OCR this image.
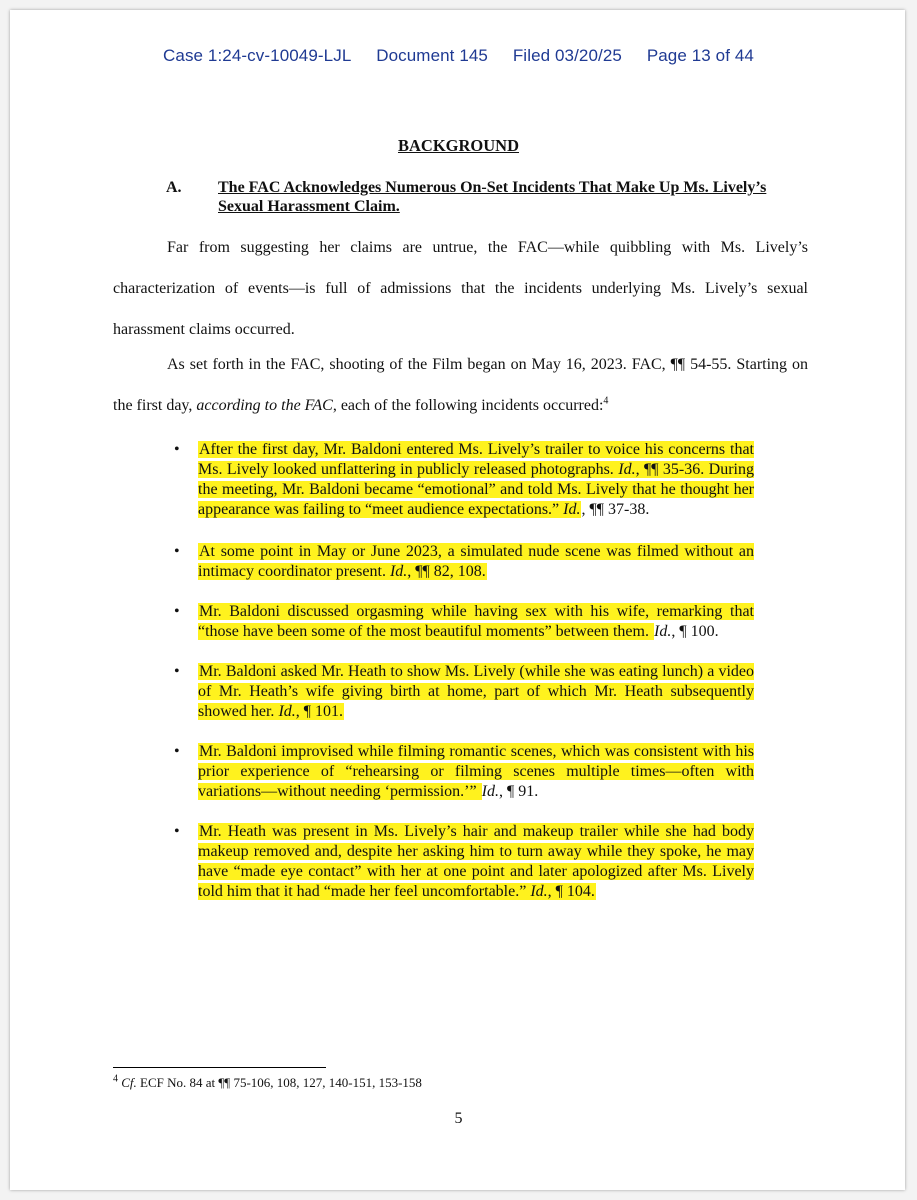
Case 1:24-cv-10049-LJL Document 145 Filed 03/20/25 Page 13 of 44
BACKGROUND
A. The FAC Acknowledges Numerous On-Set Incidents That Make Up Ms. Lively’s Sexual Harassment Claim.
Far from suggesting her claims are untrue, the FAC—while quibbling with Ms. Lively’s characterization of events—is full of admissions that the incidents underlying Ms. Lively’s sexual harassment claims occurred.
As set forth in the FAC, shooting of the Film began on May 16, 2023. FAC, ¶¶ 54-55. Starting on the first day, according to the FAC, each of the following incidents occurred:$^4$
• After the first day, Mr. Baldoni entered Ms. Lively’s trailer to voice his concerns that Ms. Lively looked unflattering in publicly released photographs. Id., ¶¶ 35-36. During the meeting, Mr. Baldoni became “emotional” and told Ms. Lively that he thought her appearance was failing to “meet audience expectations.” Id., ¶¶ 37-38.
• At some point in May or June 2023, a simulated nude scene was filmed without an intimacy coordinator present. Id., ¶¶ 82, 108.
• Mr. Baldoni discussed orgasming while having sex with his wife, remarking that “those have been some of the most beautiful moments” between them. Id., ¶ 100.
• Mr. Baldoni asked Mr. Heath to show Ms. Lively (while she was eating lunch) a video of Mr. Heath’s wife giving birth at home, part of which Mr. Heath subsequently showed her. Id., ¶ 101.
• Mr. Baldoni improvised while filming romantic scenes, which was consistent with his prior experience of “rehearsing or filming scenes multiple times—often with variations—without needing ‘permission.’” Id., ¶ 91.
• Mr. Heath was present in Ms. Lively’s hair and makeup trailer while she had body makeup removed and, despite her asking him to turn away while they spoke, he may have “made eye contact” with her at one point and later apologized after Ms. Lively told him that it had “made her feel uncomfortable.” Id., ¶ 104.
$^4$ Cf. ECF No. 84 at ¶¶ 75-106, 108, 127, 140-151, 153-158
5
